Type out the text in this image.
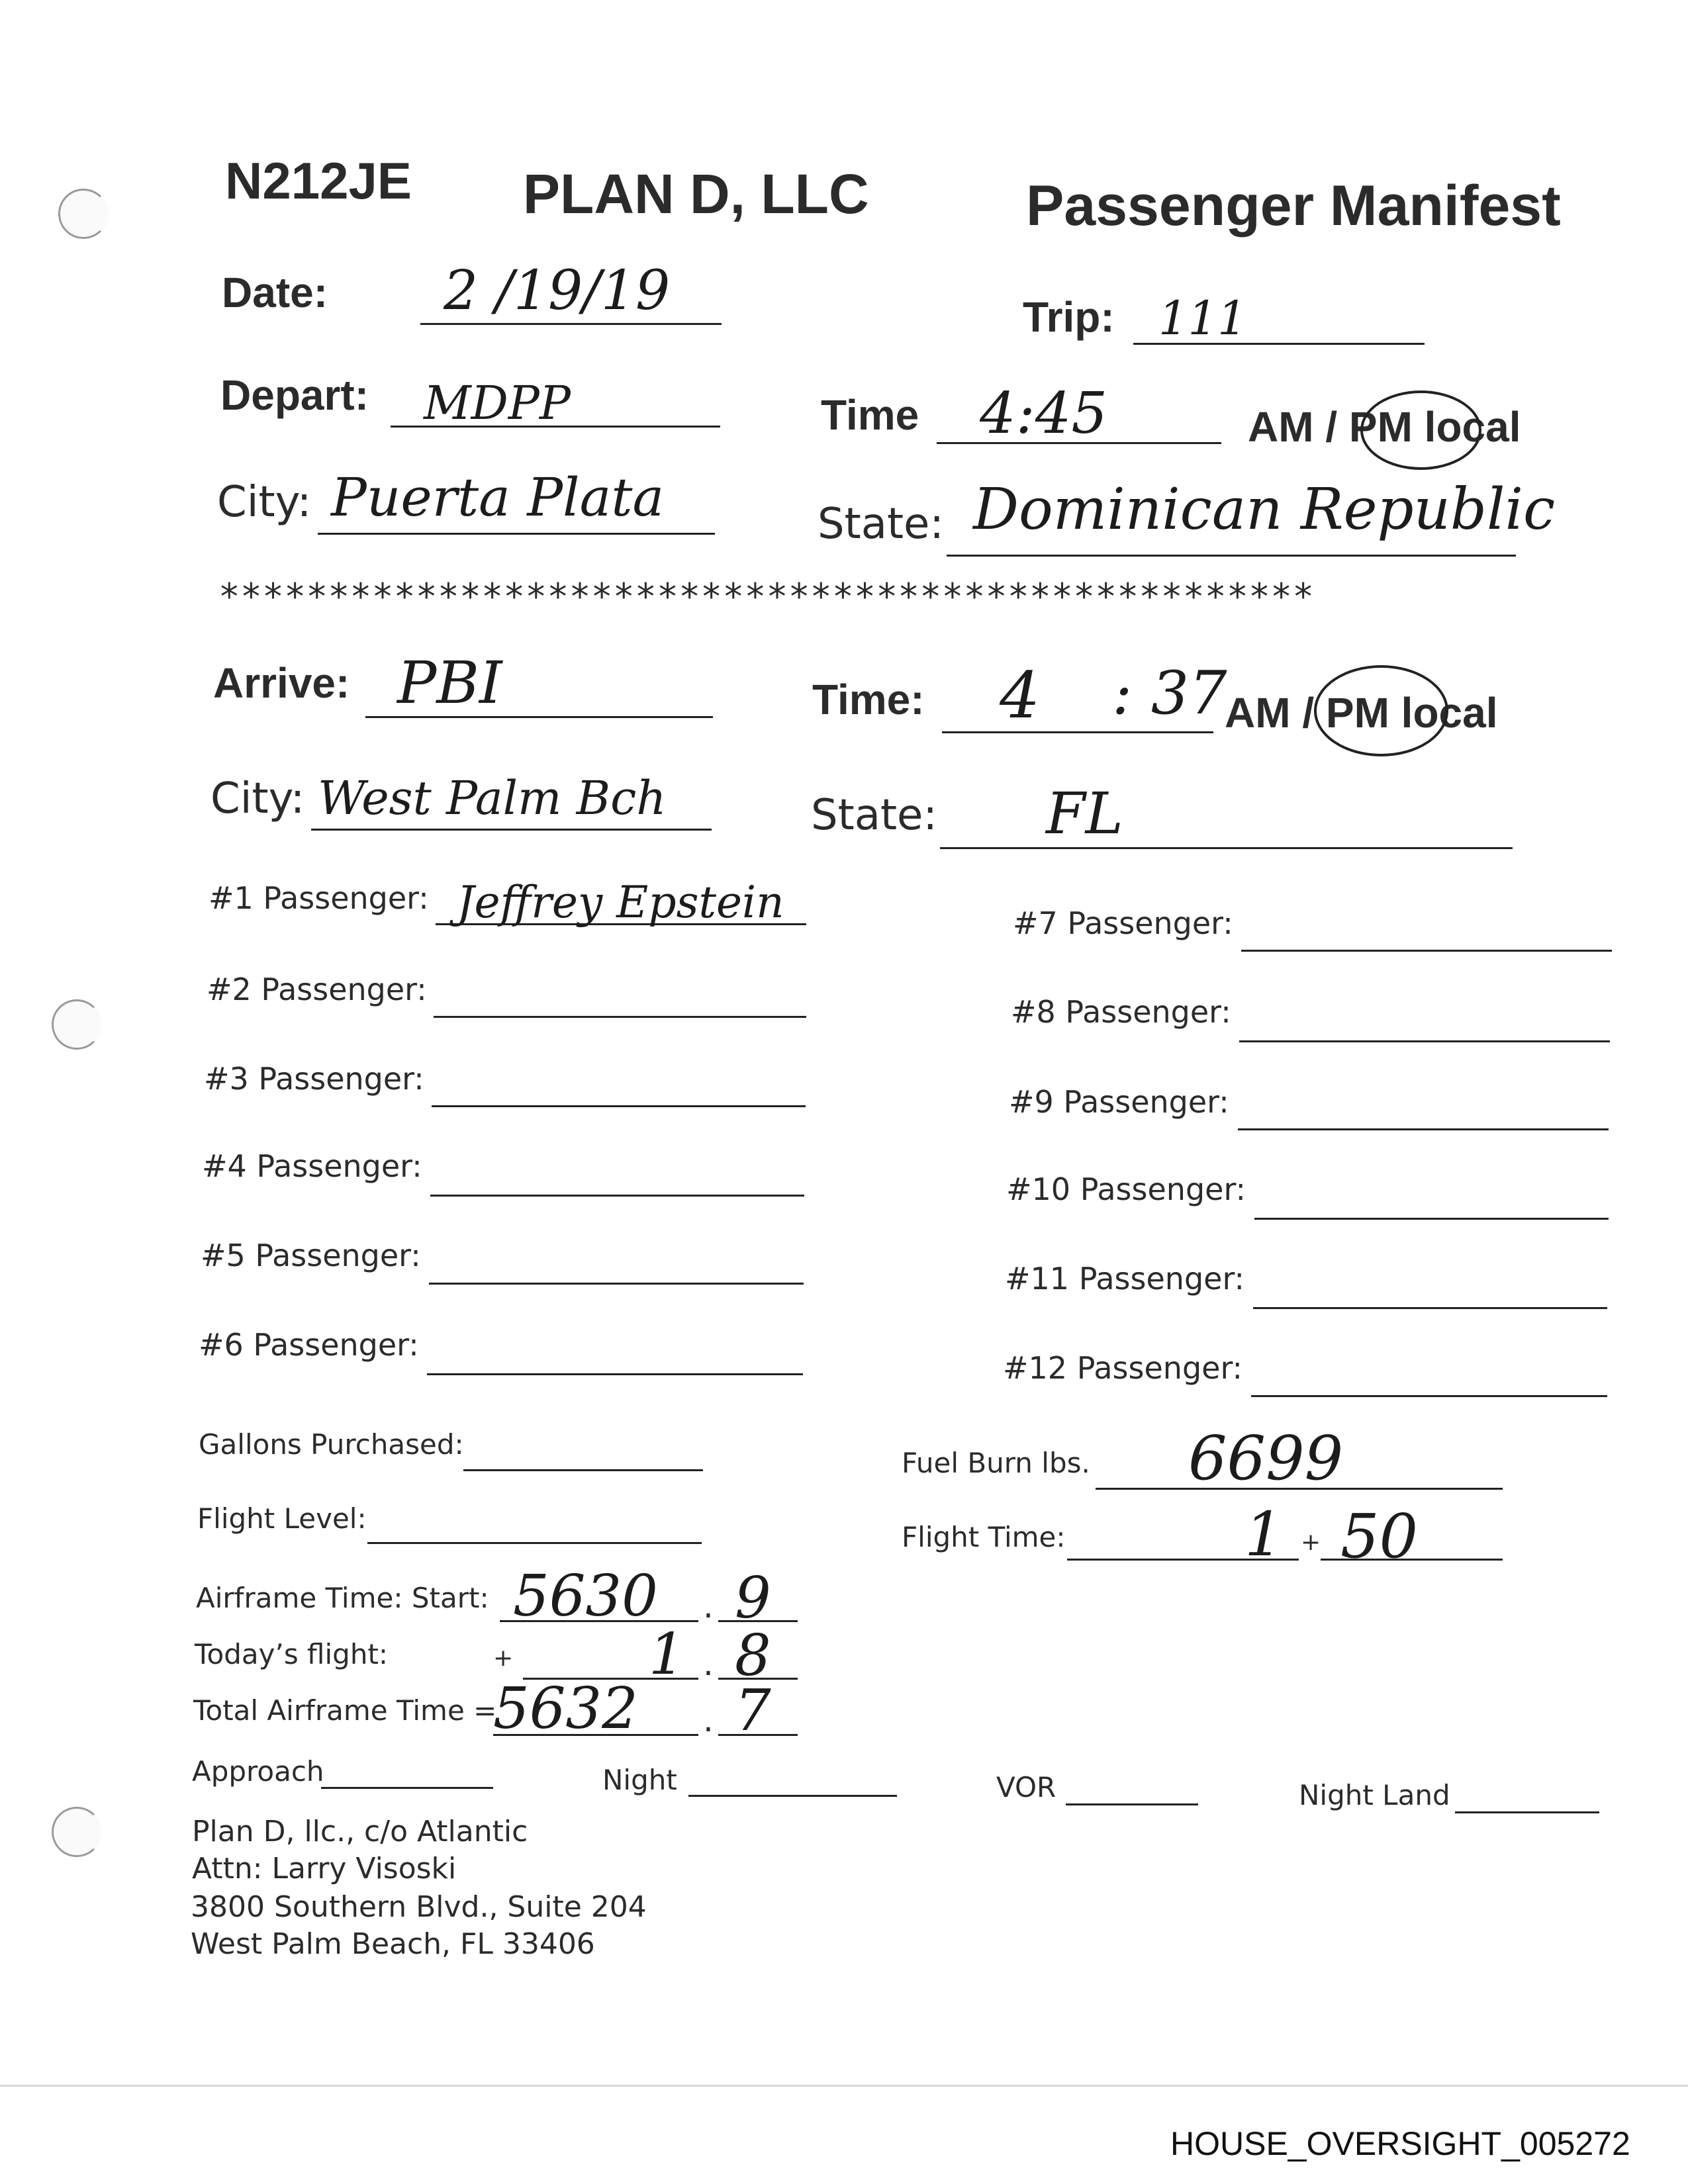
N212JE PLAN D, LLC	Passenger Manifest
Date: 2 /19/19	Trip: 111
Depart: MDPP	Time 4:45	AM / PM local
City: Puerta Plata	State: Dominican Republic
**************************************************
Arrive: PBI	Time: 4 : 37
AM / PM local
City: West Palm Bch	State: FL
#1 Passenger: Jeffrey Epstein
#2 Passenger:
#3 Passenger:
#4 Passenger:
#5 Passenger:
#6 Passenger:
#7 Passenger:
#8 Passenger:
#9 Passenger:
#10 Passenger:
#11 Passenger:
#12 Passenger:
Gallons Purchased:
Flight Level:
Fuel Burn lbs. 6699
Flight Time:	1 + 50
Airframe Time: Start: 5630 . 9
Today’s flight:	+ 1 . 8
Total Airframe Time =
5632 . 7
Approach	Night	VOR	Night Land
Plan D, llc., c/o Atlantic
Attn: Larry Visoski
3800 Southern Blvd., Suite 204
West Palm Beach, FL 33406
HOUSE_OVERSIGHT_005272
